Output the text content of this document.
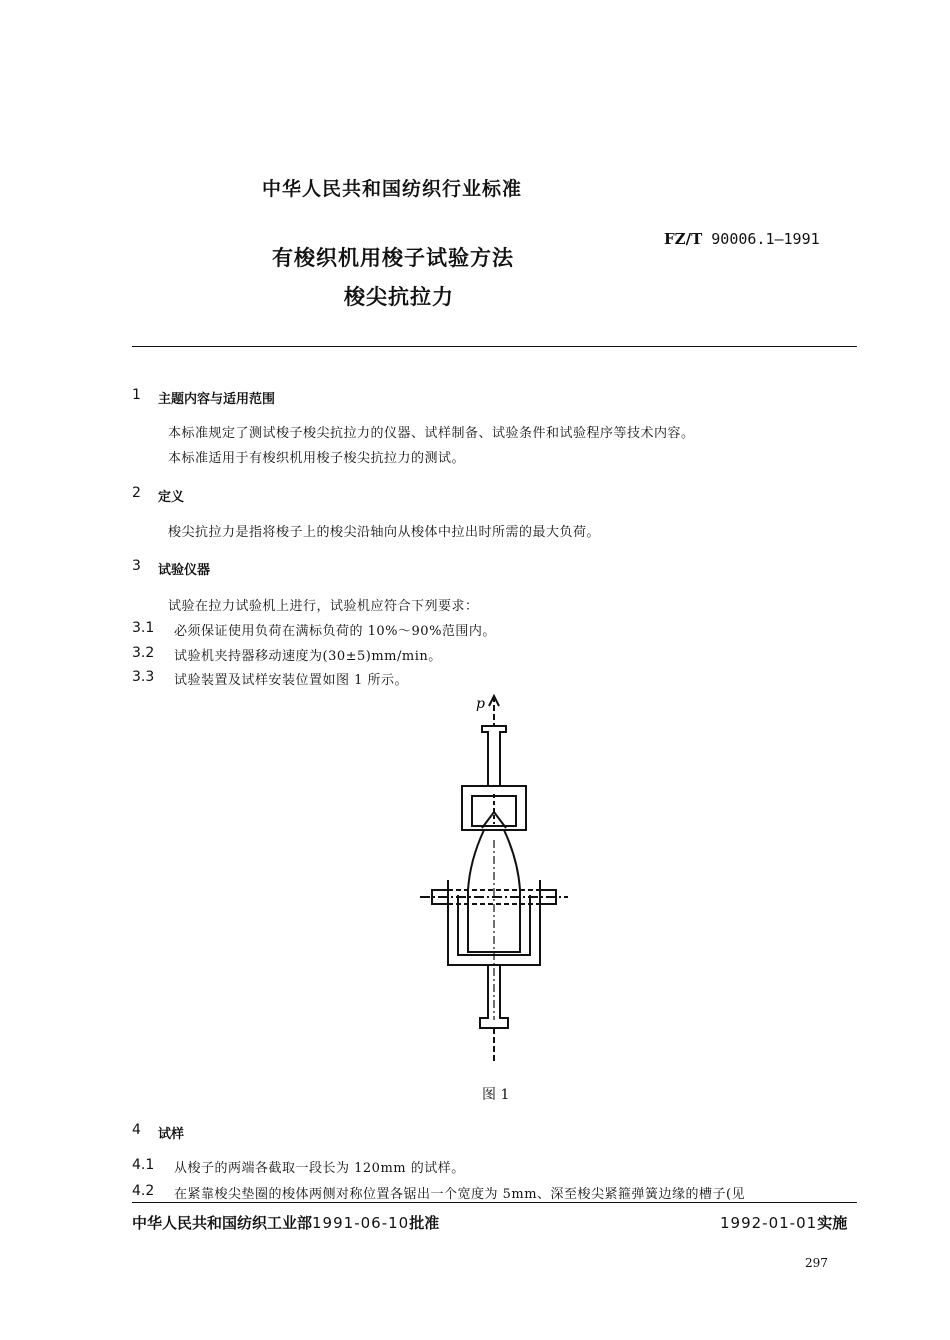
中华人民共和国纺织行业标准
FZ/T 90006.1—1991
有梭织机用梭子试验方法
梭尖抗拉力
1 主题内容与适用范围
本标准规定了测试梭子梭尖抗拉力的仪器、试样制备、试验条件和试验程序等技术内容。
本标准适用于有梭织机用梭子梭尖抗拉力的测试。
2 定义
梭尖抗拉力是指将梭子上的梭尖沿轴向从梭体中拉出时所需的最大负荷。
3 试验仪器
试验在拉力试验机上进行，试验机应符合下列要求：
3.1 必须保证使用负荷在满标负荷的 10%～90%范围内。
3.2 试验机夹持器移动速度为(30±5)mm/min。
3.3 试验装置及试样安装位置如图 1 所示。
p
图 1
4 试样
4.1 从梭子的两端各截取一段长为 120mm 的试样。
4.2 在紧靠梭尖垫圈的梭体两侧对称位置各锯出一个宽度为 5mm、深至梭尖紧箍弹簧边缘的槽子(见
中华人民共和国纺织工业部1991-06-10批准	1992-01-01实施
297
